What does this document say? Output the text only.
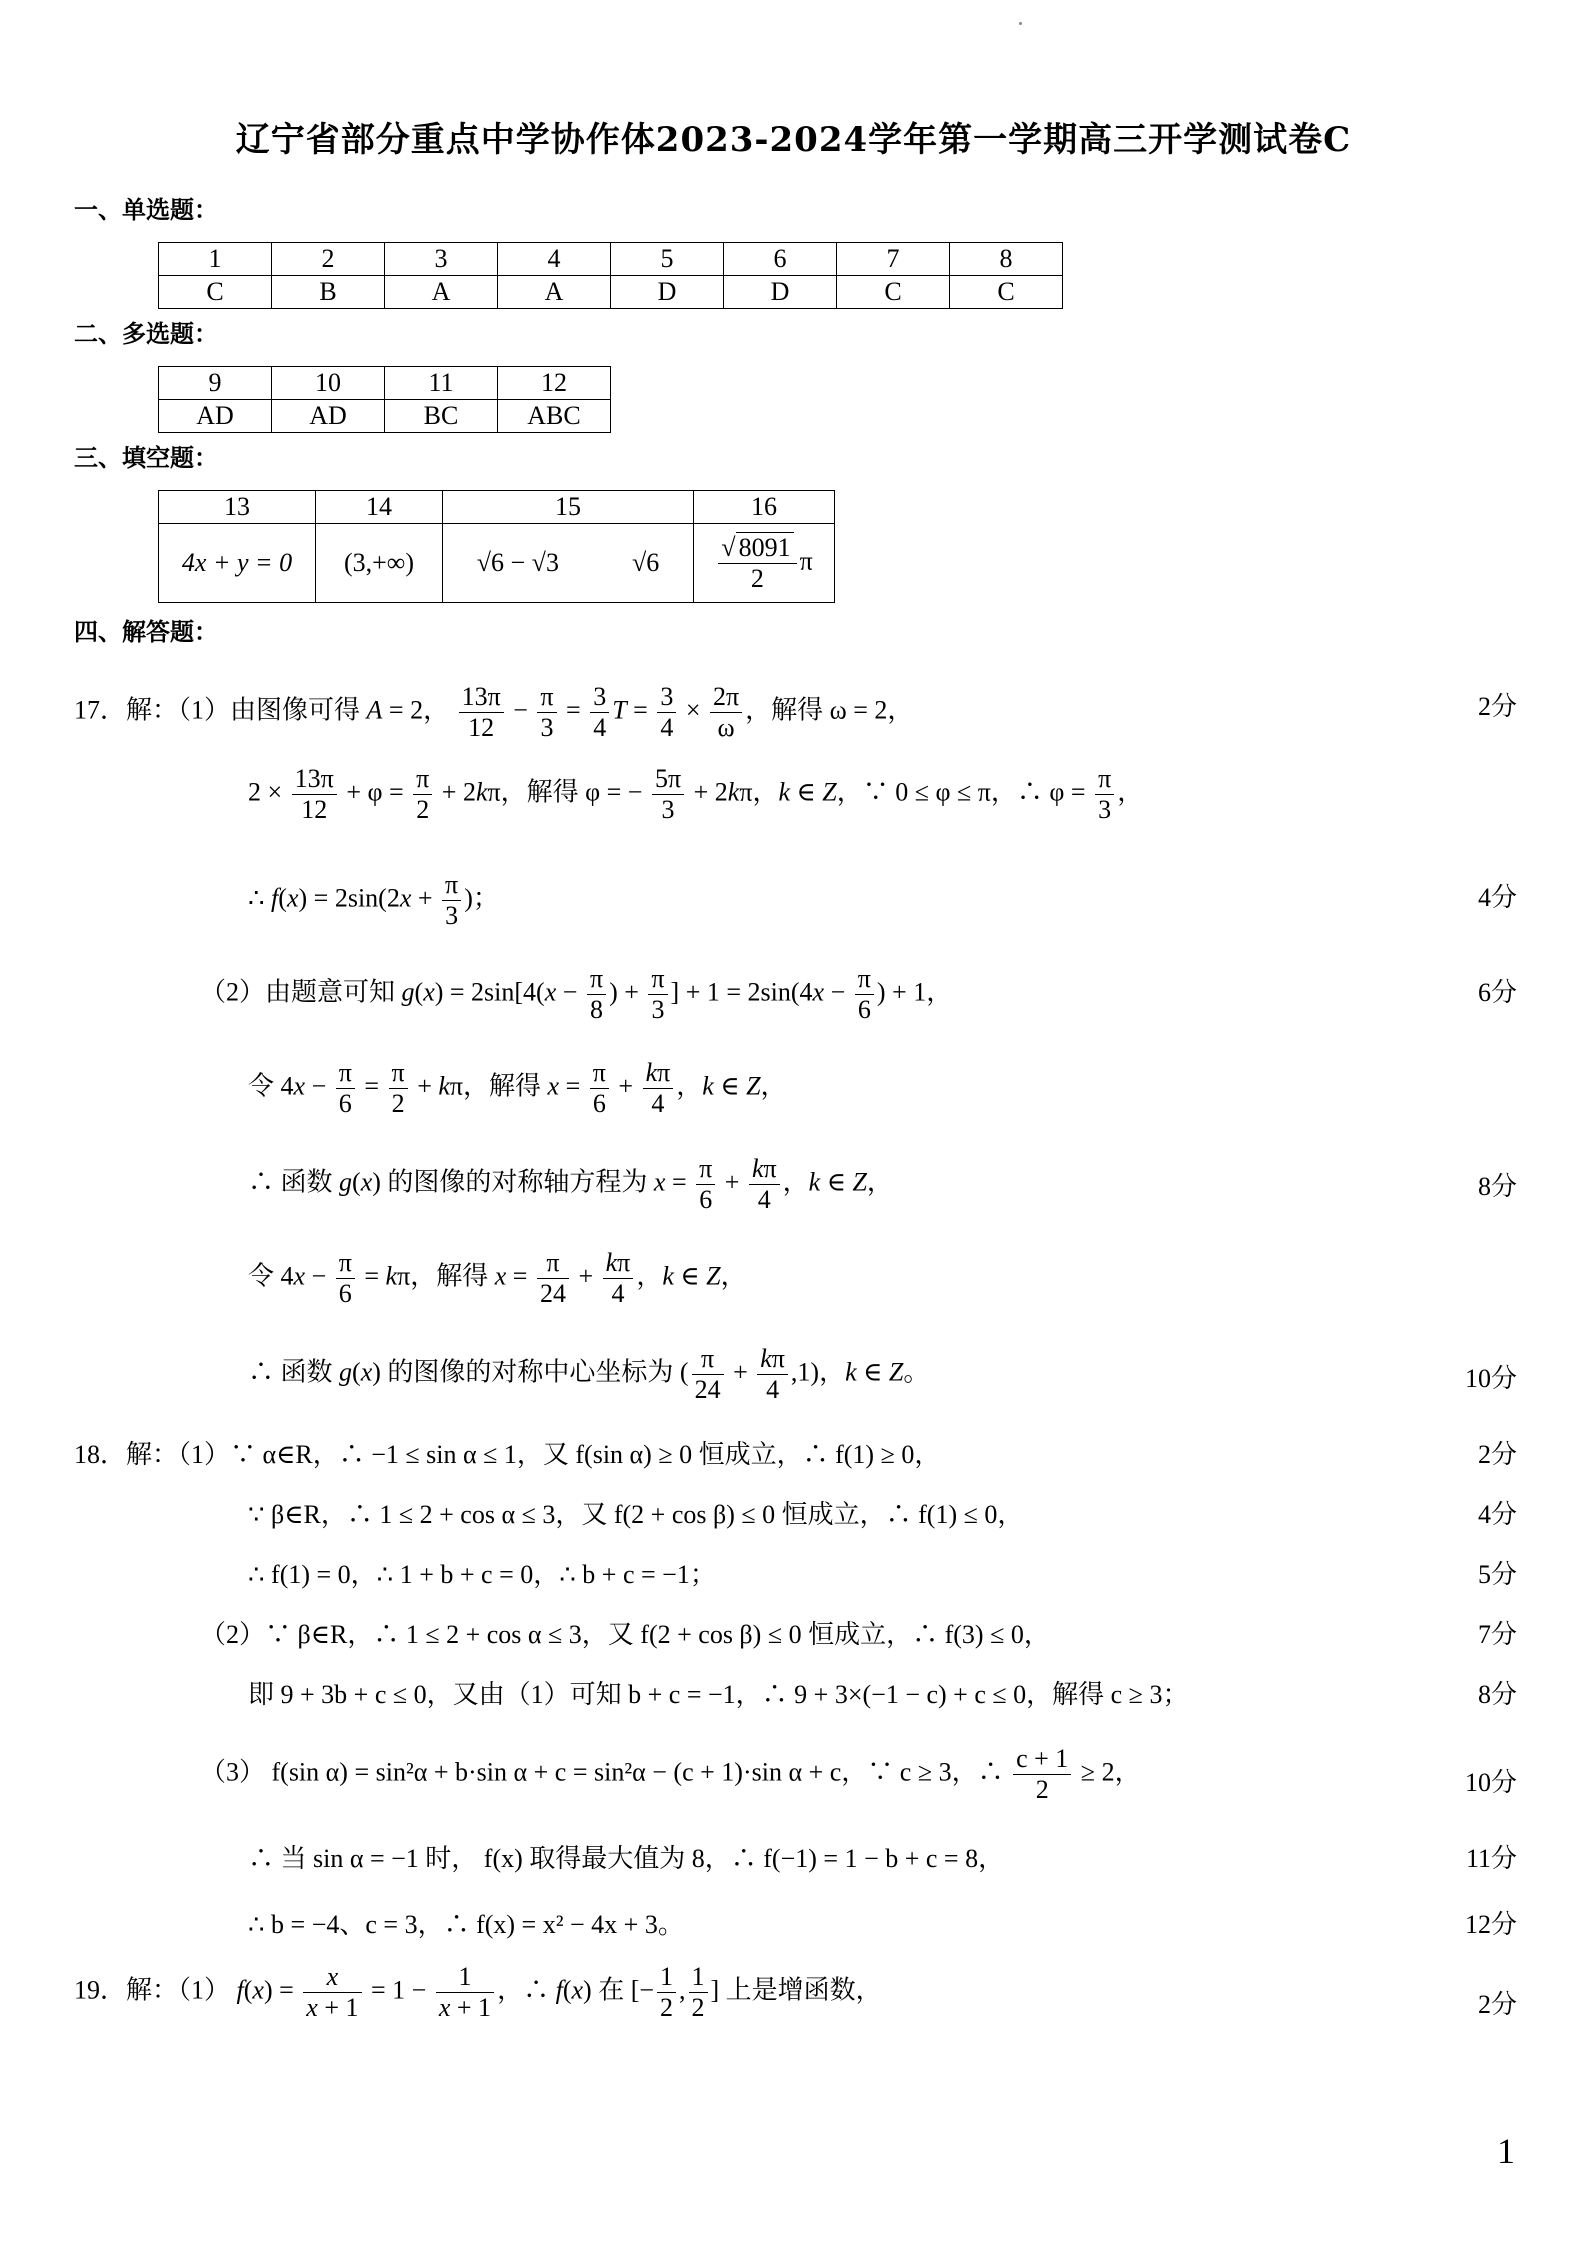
辽宁省部分重点中学协作体2023-2024学年第一学期高三开学测试卷C
一、单选题：
1	2	3	4	5	6	7	8
C	B	A	A	D	D	C	C
二、多选题：
9	10	11	12
AD	AD	BC	ABC
三、填空题：
13	14	15	16
4x + y = 0	(3,+∞)	√6 − √3 √6	$\frac{√ 8091}{2}$ π
四、解答题：
17．解：（1）由图像可得 A = 2， $\frac{13\pi}{12} - \frac{\pi}{3} = \frac{3}{4}$ $T = \frac{3}{4} \times \frac{2\pi}{\omega}$ ，解得 ω = 2，	2分
$2 \times \frac{13\pi}{12} + \varphi = \frac{\pi}{2} + 2k\pi$，解得 φ = − $\frac{5\pi}{3} + 2k\pi$，k ∈ Z，∵ 0 ≤ φ ≤ π，∴ $\varphi = \frac{\pi}{3}$ ，
∴ $f(x) = 2\sin(2x + \frac{\pi}{3}$ )；	4分
（2）由题意可知 $g(x) = 2\sin[4(x - \frac{\pi}{8}$ ) + $\frac{\pi}{3}$ ] + $1 = 2\sin(4x - \frac{\pi}{6}$ ) + 1，	6分
令 $4x - \frac{\pi}{6} = \frac{\pi}{2} + k\pi$，解得 $x = \frac{\pi}{6} + \frac{k\pi}{4}$ ，k ∈ Z，
∴ 函数 g(x) 的图像的对称轴方程为 $x = \frac{\pi}{6} + \frac{k\pi}{4}$ ，k ∈ Z，	8分
令 $4x - \frac{\pi}{6} = k\pi$，解得 $x = \frac{\pi}{24} + \frac{k\pi}{4}$ ，k ∈ Z，
∴ 函数 g(x) 的图像的对称中心坐标为 ( $\frac{\pi}{24} + \frac{k\pi}{4} ,1$)，k ∈ Z。	10分
18．解：（1）∵ α∈R，∴ −1 ≤ sin α ≤ 1，又 f(sin α) ≥ 0 恒成立，∴ f(1) ≥ 0，	2分
∵ β∈R，∴ 1 ≤ 2 + cos α ≤ 3，又 f(2 + cos β) ≤ 0 恒成立，∴ f(1) ≤ 0，	4分
∴ f(1) = 0，∴ 1 + b + c = 0，∴ b + c = −1；	5分
（2）∵ β∈R，∴ 1 ≤ 2 + cos α ≤ 3，又 f(2 + cos β) ≤ 0 恒成立，∴ f(3) ≤ 0，	7分
即 9 + 3b + c ≤ 0，又由（1）可知 b + c = −1，∴ 9 + 3×(−1 − c) + c ≤ 0，解得 c ≥ 3；	8分
（3） f(sin α) = sin²α + b·sin α + c = sin²α − (c + 1)·sin α + c，∵ c ≥ 3，∴ $\frac{c + 1}{2} \ge 2$，	10分
∴ 当 sin α = −1 时， f(x) 取得最大值为 8，∴ f(−1) = 1 − b + c = 8，	11分
∴ b = −4、c = 3，∴ f(x) = x² − 4x + 3。	12分
19．解：（1） $f(x) = \frac{x}{x + 1} = 1 - \frac{1}{x + 1}$ ，∴ f(x) 在 [− $\frac{1}{2}$ , $\frac{1}{2}$ ] 上是增函数，
2分
1
